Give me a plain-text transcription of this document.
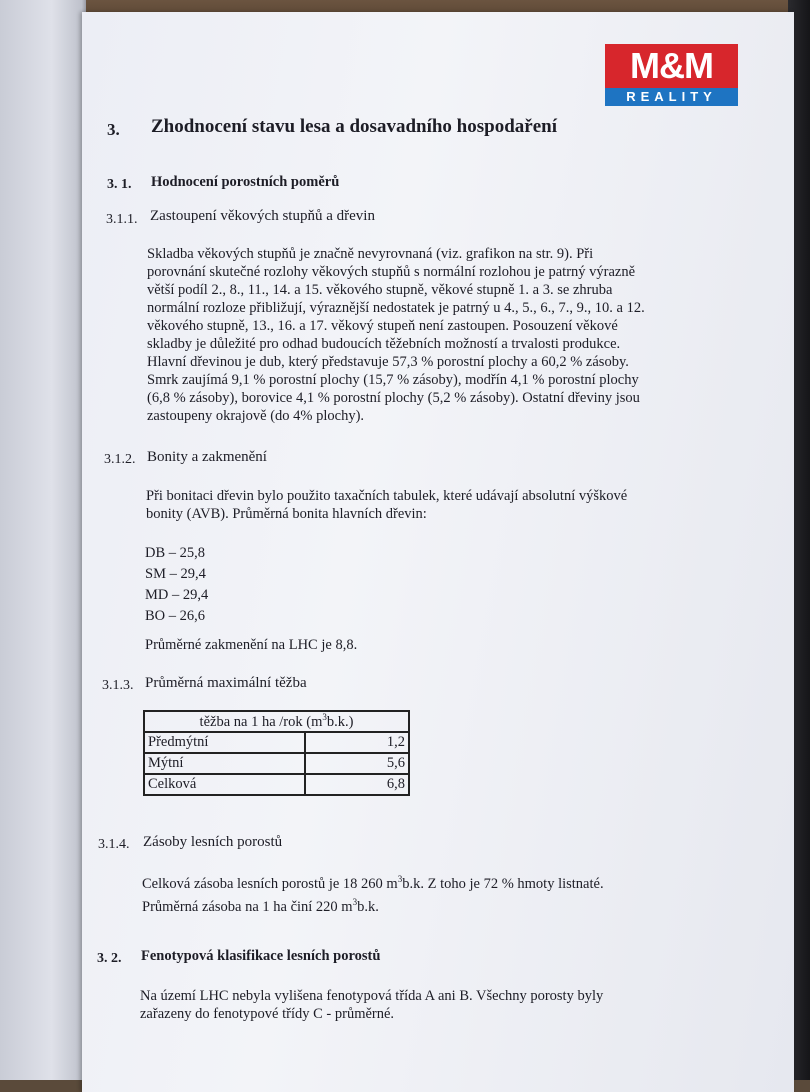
M&M
REALITY
3. Zhodnocení stavu lesa a dosavadního hospodaření
3. 1. Hodnocení porostních poměrů
3.1.1. Zastoupení věkových stupňů a dřevin
Skladba věkových stupňů je značně nevyrovnaná (viz. grafikon na str. 9). Při
porovnání skutečné rozlohy věkových stupňů s normální rozlohou je patrný výrazně
větší podíl 2., 8., 11., 14. a 15. věkového stupně, věkové stupně 1. a 3. se zhruba
normální rozloze přibližují, výraznější nedostatek je patrný u 4., 5., 6., 7., 9., 10. a 12.
věkového stupně, 13., 16. a 17. věkový stupeň není zastoupen. Posouzení věkové
skladby je důležité pro odhad budoucích těžebních možností a trvalosti produkce.
Hlavní dřevinou je dub, který představuje 57,3 % porostní plochy a 60,2 % zásoby.
Smrk zaujímá 9,1 % porostní plochy (15,7 % zásoby), modřín 4,1 % porostní plochy
(6,8 % zásoby), borovice 4,1 % porostní plochy (5,2 % zásoby). Ostatní dřeviny jsou
zastoupeny okrajově (do 4% plochy).
3.1.2. Bonity a zakmenění
Při bonitaci dřevin bylo použito taxačních tabulek, které udávají absolutní výškové
bonity (AVB). Průměrná bonita hlavních dřevin:
DB – 25,8
SM – 29,4
MD – 29,4
BO – 26,6
Průměrné zakmenění na LHC je 8,8.
3.1.3. Průměrná maximální těžba
těžba na 1 ha /rok $(m^3b.k.)$	
Předmýtní	1,2
Mýtní	5,6
Celková	6,8
3.1.4. Zásoby lesních porostů
Celková zásoba lesních porostů je 18 260 $m^3b.k$. Z toho je 72 % hmoty listnaté.
Průměrná zásoba na 1 ha činí 220 $m^3b.k$.
3. 2. Fenotypová klasifikace lesních porostů
Na území LHC nebyla vylišena fenotypová třída A ani B. Všechny porosty byly
zařazeny do fenotypové třídy C - průměrné.
